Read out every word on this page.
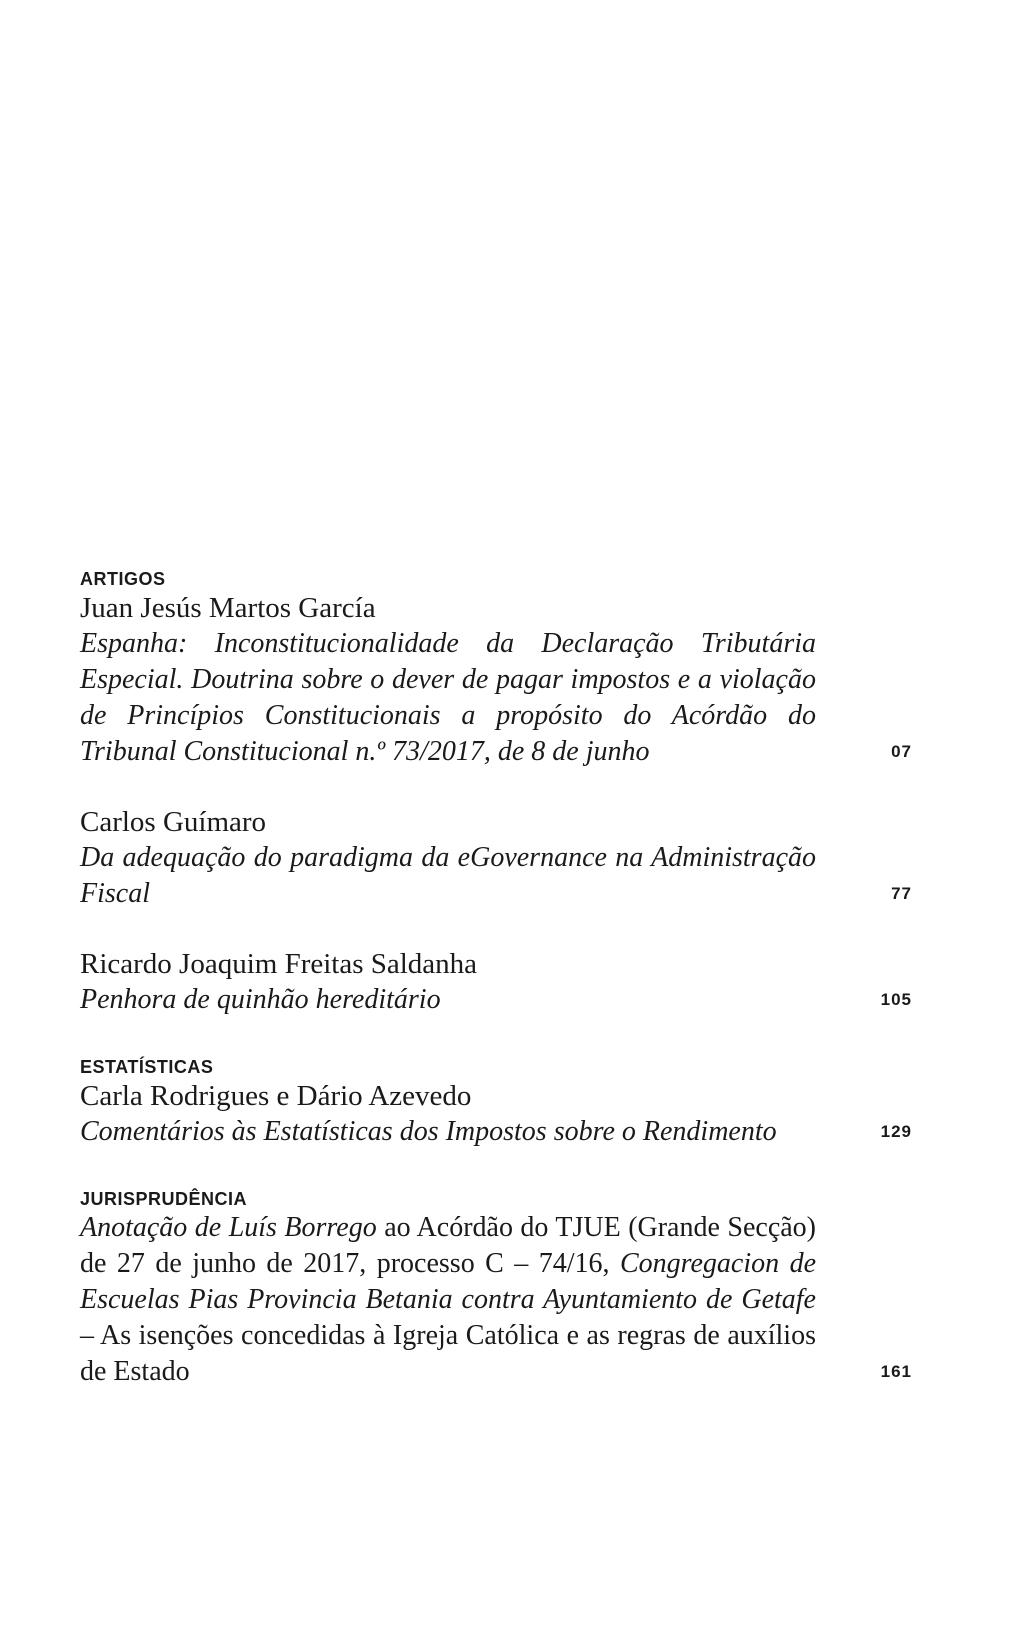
ARTIGOS
Juan Jesús Martos García
Espanha: Inconstitucionalidade da Declaração Tributária Especial. Doutrina sobre o dever de pagar impostos e a violação de Princípios Constitucionais a propósito do Acórdão do Tribunal Constitucional n.º 73/2017, de 8 de junho	07
Carlos Guímaro
Da adequação do paradigma da eGovernance na Administração Fiscal	77
Ricardo Joaquim Freitas Saldanha
Penhora de quinhão hereditário	105
ESTATÍSTICAS
Carla Rodrigues e Dário Azevedo
Comentários às Estatísticas dos Impostos sobre o Rendimento	129
JURISPRUDÊNCIA
Anotação de Luís Borrego ao Acórdão do TJUE (Grande Secção) de 27 de junho de 2017, processo C – 74/16, Congregacion de Escuelas Pias Provincia Betania contra Ayuntamiento de Getafe – As isenções concedidas à Igreja Católica e as regras de auxílios de Estado	161
